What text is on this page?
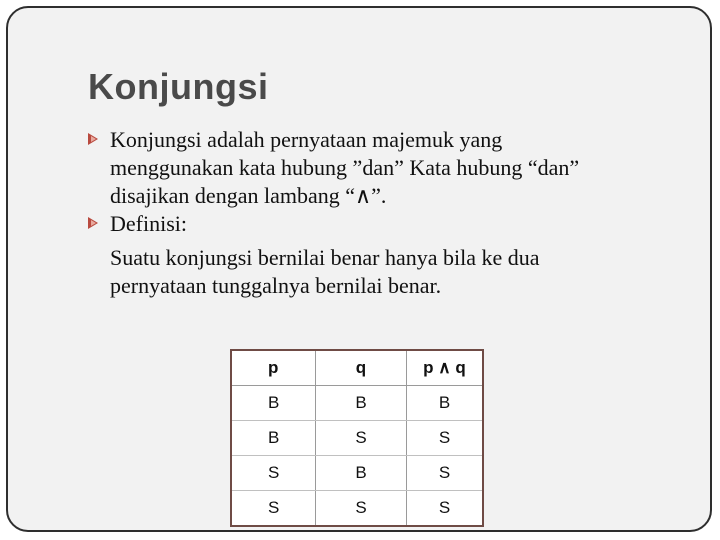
Konjungsi
Konjungsi adalah pernyataan majemuk yang
menggunakan kata hubung ”dan” Kata hubung “dan”
disajikan dengan lambang “∧”.
Definisi:
Suatu konjungsi bernilai benar hanya bila ke dua
pernyataan tunggalnya bernilai benar.
p	q	p ∧ q
B	B	B
B	S	S
S	B	S
S	S	S
